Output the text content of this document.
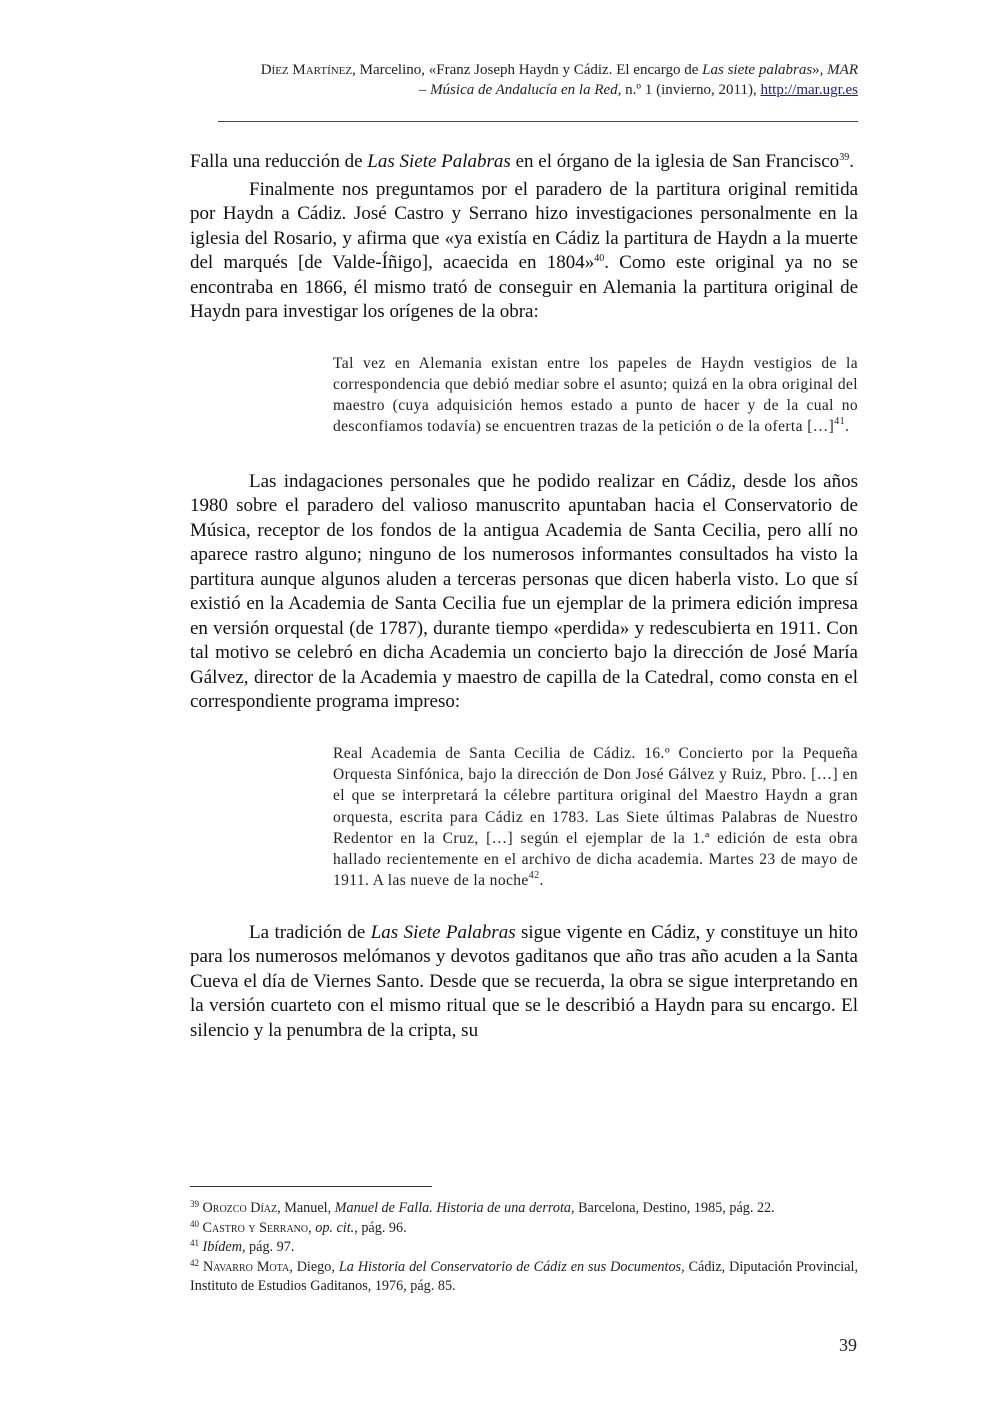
Díez Martínez, Marcelino, «Franz Joseph Haydn y Cádiz. El encargo de Las siete palabras», MAR
– Música de Andalucía en la Red, n.º 1 (invierno, 2011), http://mar.ugr.es

Falla una reducción de Las Siete Palabras en el órgano de la iglesia de San Francisco$^{39}$.

Finalmente nos preguntamos por el paradero de la partitura original remitida por Haydn a Cádiz. José Castro y Serrano hizo investigaciones personalmente en la iglesia del Rosario, y afirma que «ya existía en Cádiz la partitura de Haydn a la muerte del marqués [de Valde-Íñigo], acaecida en 1804»$^{40}$. Como este original ya no se encontraba en 1866, él mismo trató de conseguir en Alemania la partitura original de Haydn para investigar los orígenes de la obra:

Tal vez en Alemania existan entre los papeles de Haydn vestigios de la correspondencia que debió mediar sobre el asunto; quizá en la obra original del maestro (cuya adquisición hemos estado a punto de hacer y de la cual no desconfiamos todavía) se encuentren trazas de la petición o de la oferta […]$^{41}$.

Las indagaciones personales que he podido realizar en Cádiz, desde los años 1980 sobre el paradero del valioso manuscrito apuntaban hacia el Conservatorio de Música, receptor de los fondos de la antigua Academia de Santa Cecilia, pero allí no aparece rastro alguno; ninguno de los numerosos informantes consultados ha visto la partitura aunque algunos aluden a terceras personas que dicen haberla visto. Lo que sí existió en la Academia de Santa Cecilia fue un ejemplar de la primera edición impresa en versión orquestal (de 1787), durante tiempo «perdida» y redescubierta en 1911. Con tal motivo se celebró en dicha Academia un concierto bajo la dirección de José María Gálvez, director de la Academia y maestro de capilla de la Catedral, como consta en el correspondiente programa impreso:

Real Academia de Santa Cecilia de Cádiz. 16.º Concierto por la Pequeña Orquesta Sinfónica, bajo la dirección de Don José Gálvez y Ruiz, Pbro. […] en el que se interpretará la célebre partitura original del Maestro Haydn a gran orquesta, escrita para Cádiz en 1783. Las Siete últimas Palabras de Nuestro Redentor en la Cruz, […] según el ejemplar de la 1.ª edición de esta obra hallado recientemente en el archivo de dicha academia. Martes 23 de mayo de 1911. A las nueve de la noche$^{42}$.

La tradición de Las Siete Palabras sigue vigente en Cádiz, y constituye un hito para los numerosos melómanos y devotos gaditanos que año tras año acuden a la Santa Cueva el día de Viernes Santo. Desde que se recuerda, la obra se sigue interpretando en la versión cuarteto con el mismo ritual que se le describió a Haydn para su encargo. El silencio y la penumbra de la cripta, su

$^{39}$ Orozco Díaz, Manuel, Manuel de Falla. Historia de una derrota, Barcelona, Destino, 1985, pág. 22.

$^{40}$ Castro y Serrano, op. cit., pág. 96.

$^{41}$ Ibídem, pág. 97.

$^{42}$ Navarro Mota, Diego, La Historia del Conservatorio de Cádiz en sus Documentos, Cádiz, Diputación Provincial, Instituto de Estudios Gaditanos, 1976, pág. 85.

39
